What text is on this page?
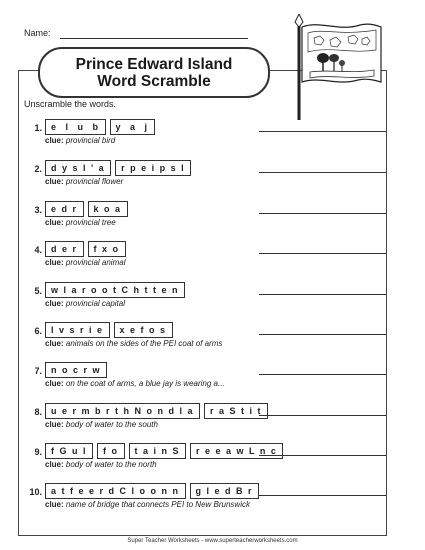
Name:
Prince Edward Island
Word Scramble
Unscramble the words.
1.	e  l  u  b	y  a  j
clue: provincial bird
2.	d y s l ' a	r p e i p s l
clue: provincial flower
3.	e d r	k o a
clue: provincial tree
4.	d e r	f x o
clue: provincial animal
5.	w l a r o o t C h t t e n
clue: provincial capital
6.	l v s r i e	x e f o s
clue: animals on the sides of the PEI coat of arms
7.	n o c r w
clue: on the coat of arms, a blue jay is wearing a...
8.	u e r m b r t h N o n d l a	r a S t i t
clue: body of water to the south
9.	f G u l	f o	t a i n S	r e e a w L n c
clue: body of water to the north
10.	a t f e e r d C l o o n n	g l e d B r
clue: name of bridge that connects PEI to New Brunswick
Super Teacher Worksheets - www.superteacherworksheets.com
